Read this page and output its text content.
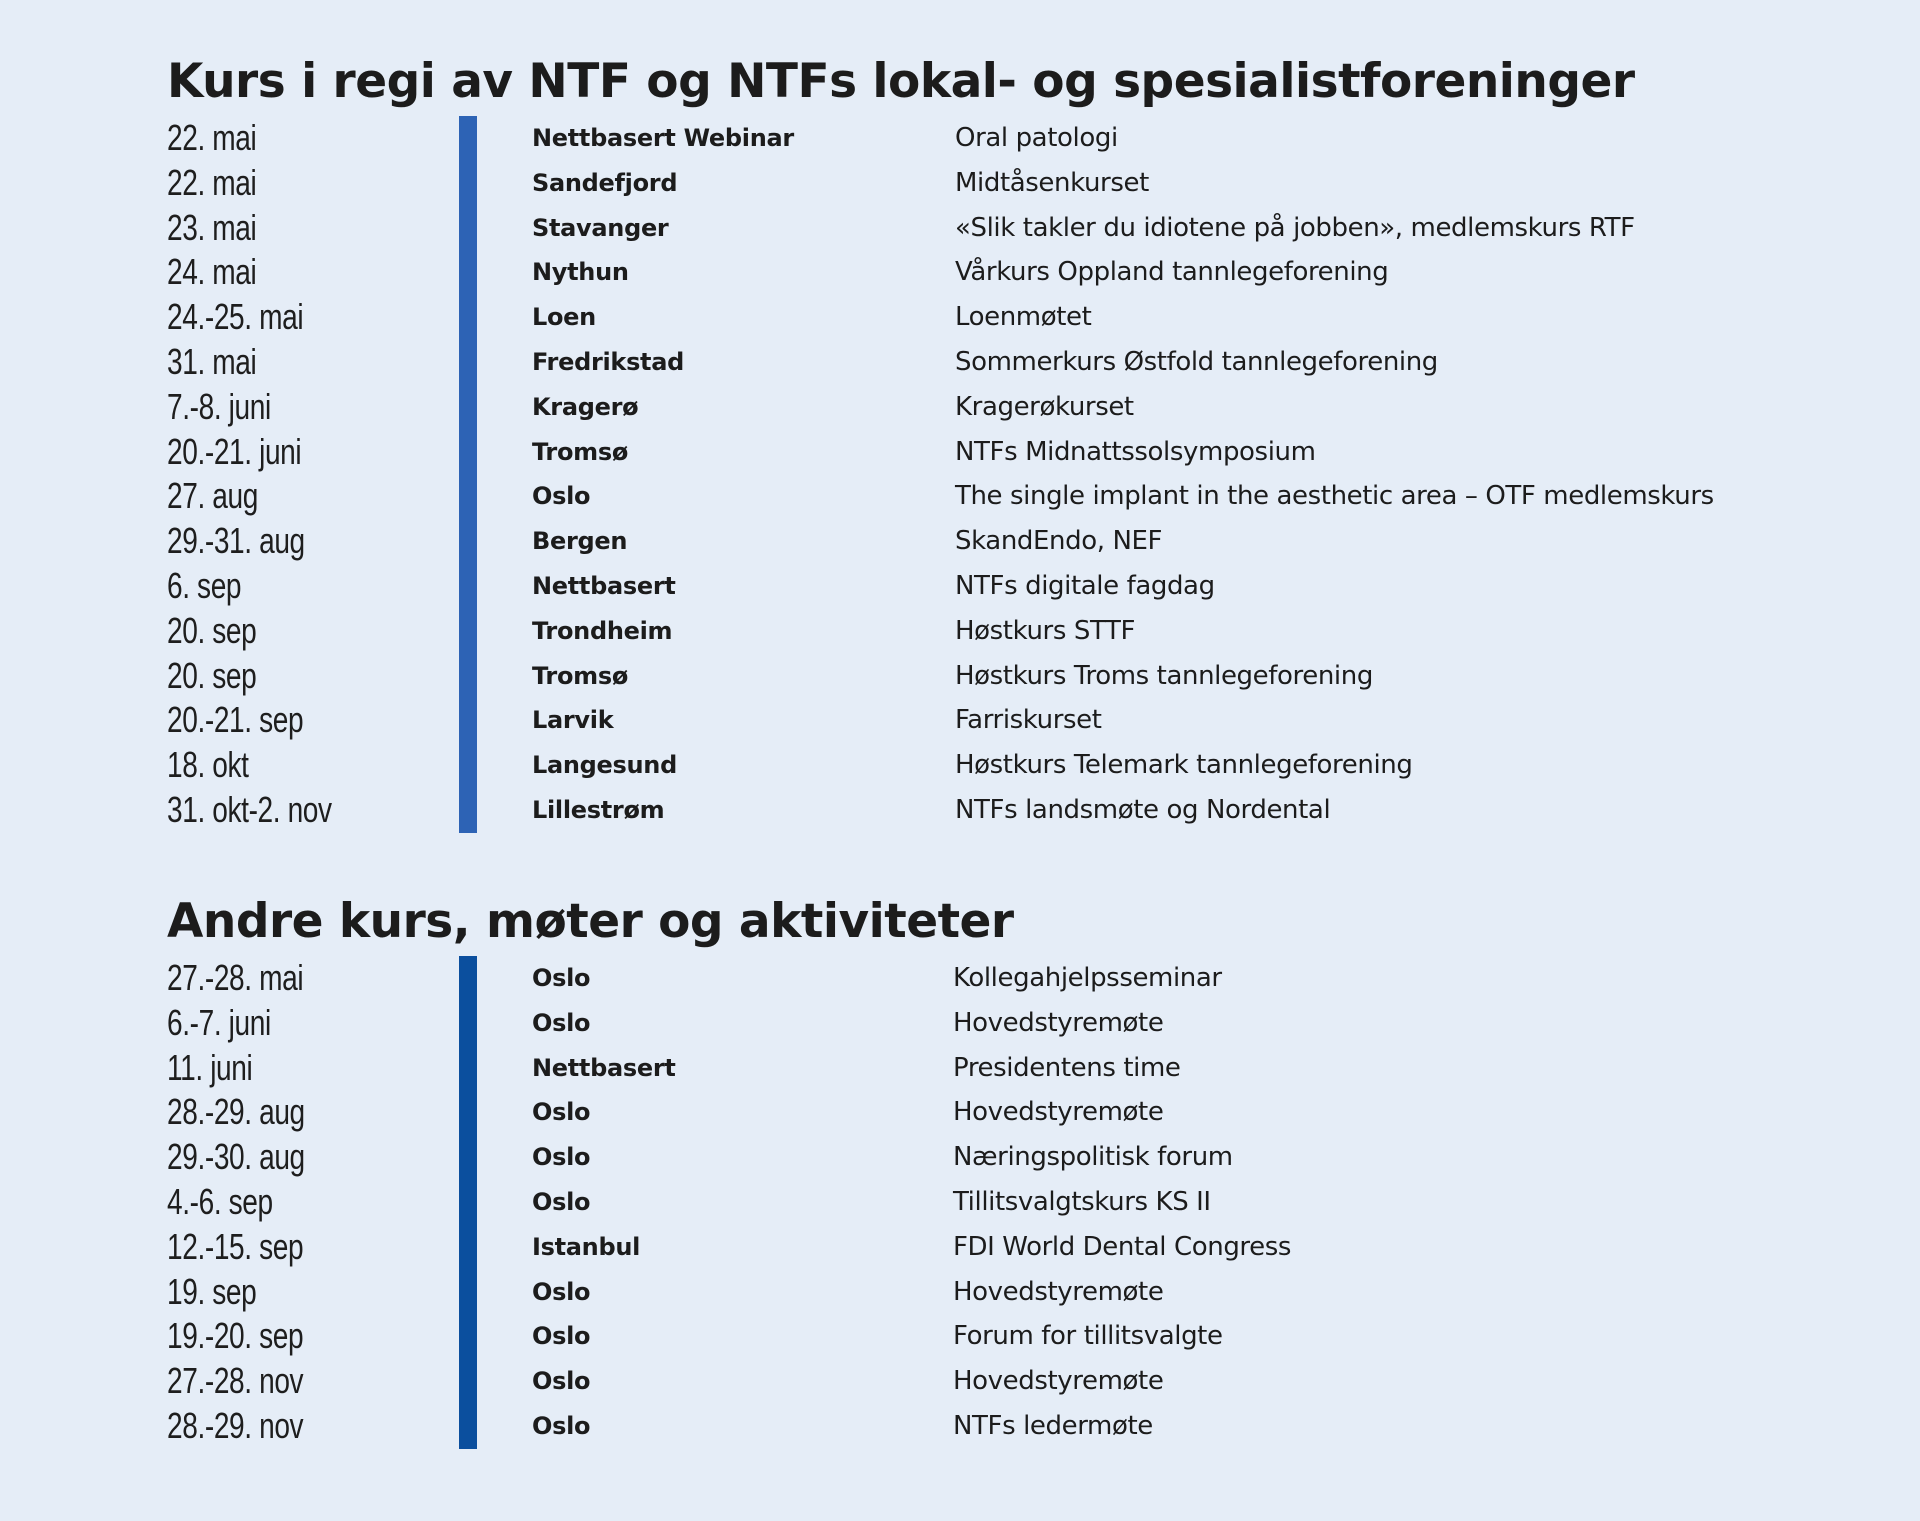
Kurs i regi av NTF og NTFs lokal- og spesialistforeninger
22. mai	Nettbasert Webinar	Oral patologi
22. mai	Sandefjord	Midtåsenkurset
23. mai	Stavanger	«Slik takler du idiotene på jobben», medlemskurs RTF
24. mai	Nythun	Vårkurs Oppland tannlegeforening
24.-25. mai	Loen	Loenmøtet
31. mai	Fredrikstad	Sommerkurs Østfold tannlegeforening
7.-8. juni	Kragerø	Kragerøkurset
20.-21. juni	Tromsø	NTFs Midnattssolsymposium
27. aug	Oslo	The single implant in the aesthetic area – OTF medlemskurs
29.-31. aug	Bergen	SkandEndo, NEF
6. sep	Nettbasert	NTFs digitale fagdag
20. sep	Trondheim	Høstkurs STTF
20. sep	Tromsø	Høstkurs Troms tannlegeforening
20.-21. sep	Larvik	Farriskurset
18. okt	Langesund	Høstkurs Telemark tannlegeforening
31. okt-2. nov	Lillestrøm	NTFs landsmøte og Nordental
Andre kurs, møter og aktiviteter
27.-28. mai	Oslo	Kollegahjelpsseminar
6.-7. juni	Oslo	Hovedstyremøte
11. juni	Nettbasert	Presidentens time
28.-29. aug	Oslo	Hovedstyremøte
29.-30. aug	Oslo	Næringspolitisk forum
4.-6. sep	Oslo	Tillitsvalgtskurs KS II
12.-15. sep	Istanbul	FDI World Dental Congress
19. sep	Oslo	Hovedstyremøte
19.-20. sep	Oslo	Forum for tillitsvalgte
27.-28. nov	Oslo	Hovedstyremøte
28.-29. nov	Oslo	NTFs ledermøte
